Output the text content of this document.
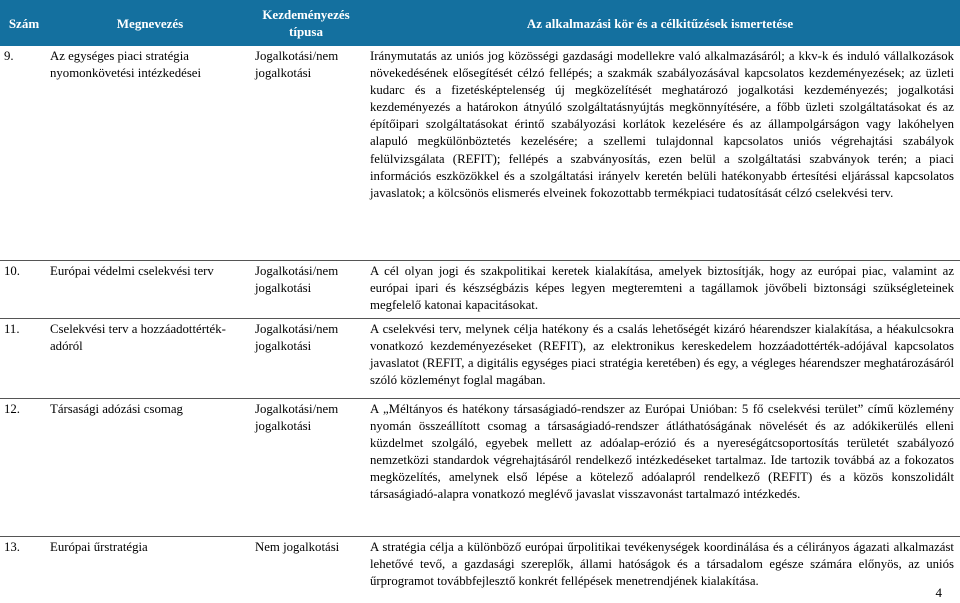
Szám	Megnevezés	Kezdeményezés típusa	Az alkalmazási kör és a célkitűzések ismertetése
9.	Az egységes piaci stratégia nyomonkövetési intézkedései	Jogalkotási/nem jogalkotási	Iránymutatás az uniós jog közösségi gazdasági modellekre való alkalmazásáról; a kkv-k és induló vállalkozások növekedésének elősegítését célzó fellépés; a szakmák szabályozásával kapcsolatos kezdeményezések; az üzleti kudarc és a fizetésképtelenség új megközelítését meghatározó jogalkotási kezdeményezés; jogalkotási kezdeményezés a határokon átnyúló szolgáltatásnyújtás megkönnyítésére, a főbb üzleti szolgáltatásokat és az építőipari szolgáltatásokat érintő szabályozási korlátok kezelésére és az állampolgárságon vagy lakóhelyen alapuló megkülönböztetés kezelésére; a szellemi tulajdonnal kapcsolatos uniós végrehajtási szabályok felülvizsgálata (REFIT); fellépés a szabványosítás, ezen belül a szolgáltatási szabványok terén; a piaci információs eszközökkel és a szolgáltatási irányelv keretén belüli hatékonyabb értesítési eljárással kapcsolatos javaslatok; a kölcsönös elismerés elveinek fokozottabb termékpiaci tudatosítását célzó cselekvési terv.
10.	Európai védelmi cselekvési terv	Jogalkotási/nem jogalkotási	A cél olyan jogi és szakpolitikai keretek kialakítása, amelyek biztosítják, hogy az európai piac, valamint az európai ipari és készségbázis képes legyen megteremteni a tagállamok jövőbeli biztonsági szükségleteinek megfelelő katonai kapacitásokat.
11.	Cselekvési terv a hozzáadottérték-adóról	Jogalkotási/nem jogalkotási	A cselekvési terv, melynek célja hatékony és a csalás lehetőségét kizáró héarendszer kialakítása, a héakulcsokra vonatkozó kezdeményezéseket (REFIT), az elektronikus kereskedelem hozzáadottérték-adójával kapcsolatos javaslatot (REFIT, a digitális egységes piaci stratégia keretében) és egy, a végleges héarendszer meghatározásáról szóló közleményt foglal magában.
12.	Társasági adózási csomag	Jogalkotási/nem jogalkotási	A „Méltányos és hatékony társaságiadó-rendszer az Európai Unióban: 5 fő cselekvési terület” című közlemény nyomán összeállított csomag a társaságiadó-rendszer átláthatóságának növelését és az adókikerülés elleni küzdelmet szolgáló, egyebek mellett az adóalap-erózió és a nyereségátcsoportosítás területét szabályozó nemzetközi standardok végrehajtásáról rendelkező intézkedéseket tartalmaz. Ide tartozik továbbá az a fokozatos megközelítés, amelynek első lépése a kötelező adóalapról rendelkező (REFIT) és a közös konszolidált társaságiadó-alapra vonatkozó meglévő javaslat visszavonást tartalmazó intézkedés.
13.	Európai űrstratégia	Nem jogalkotási	A stratégia célja a különböző európai űrpolitikai tevékenységek koordinálása és a célirányos ágazati alkalmazást lehetővé tevő, a gazdasági szereplők, állami hatóságok és a társadalom egésze számára előnyös, az uniós űrprogramot továbbfejlesztő konkrét fellépések menetrendjének kialakítása.
4
